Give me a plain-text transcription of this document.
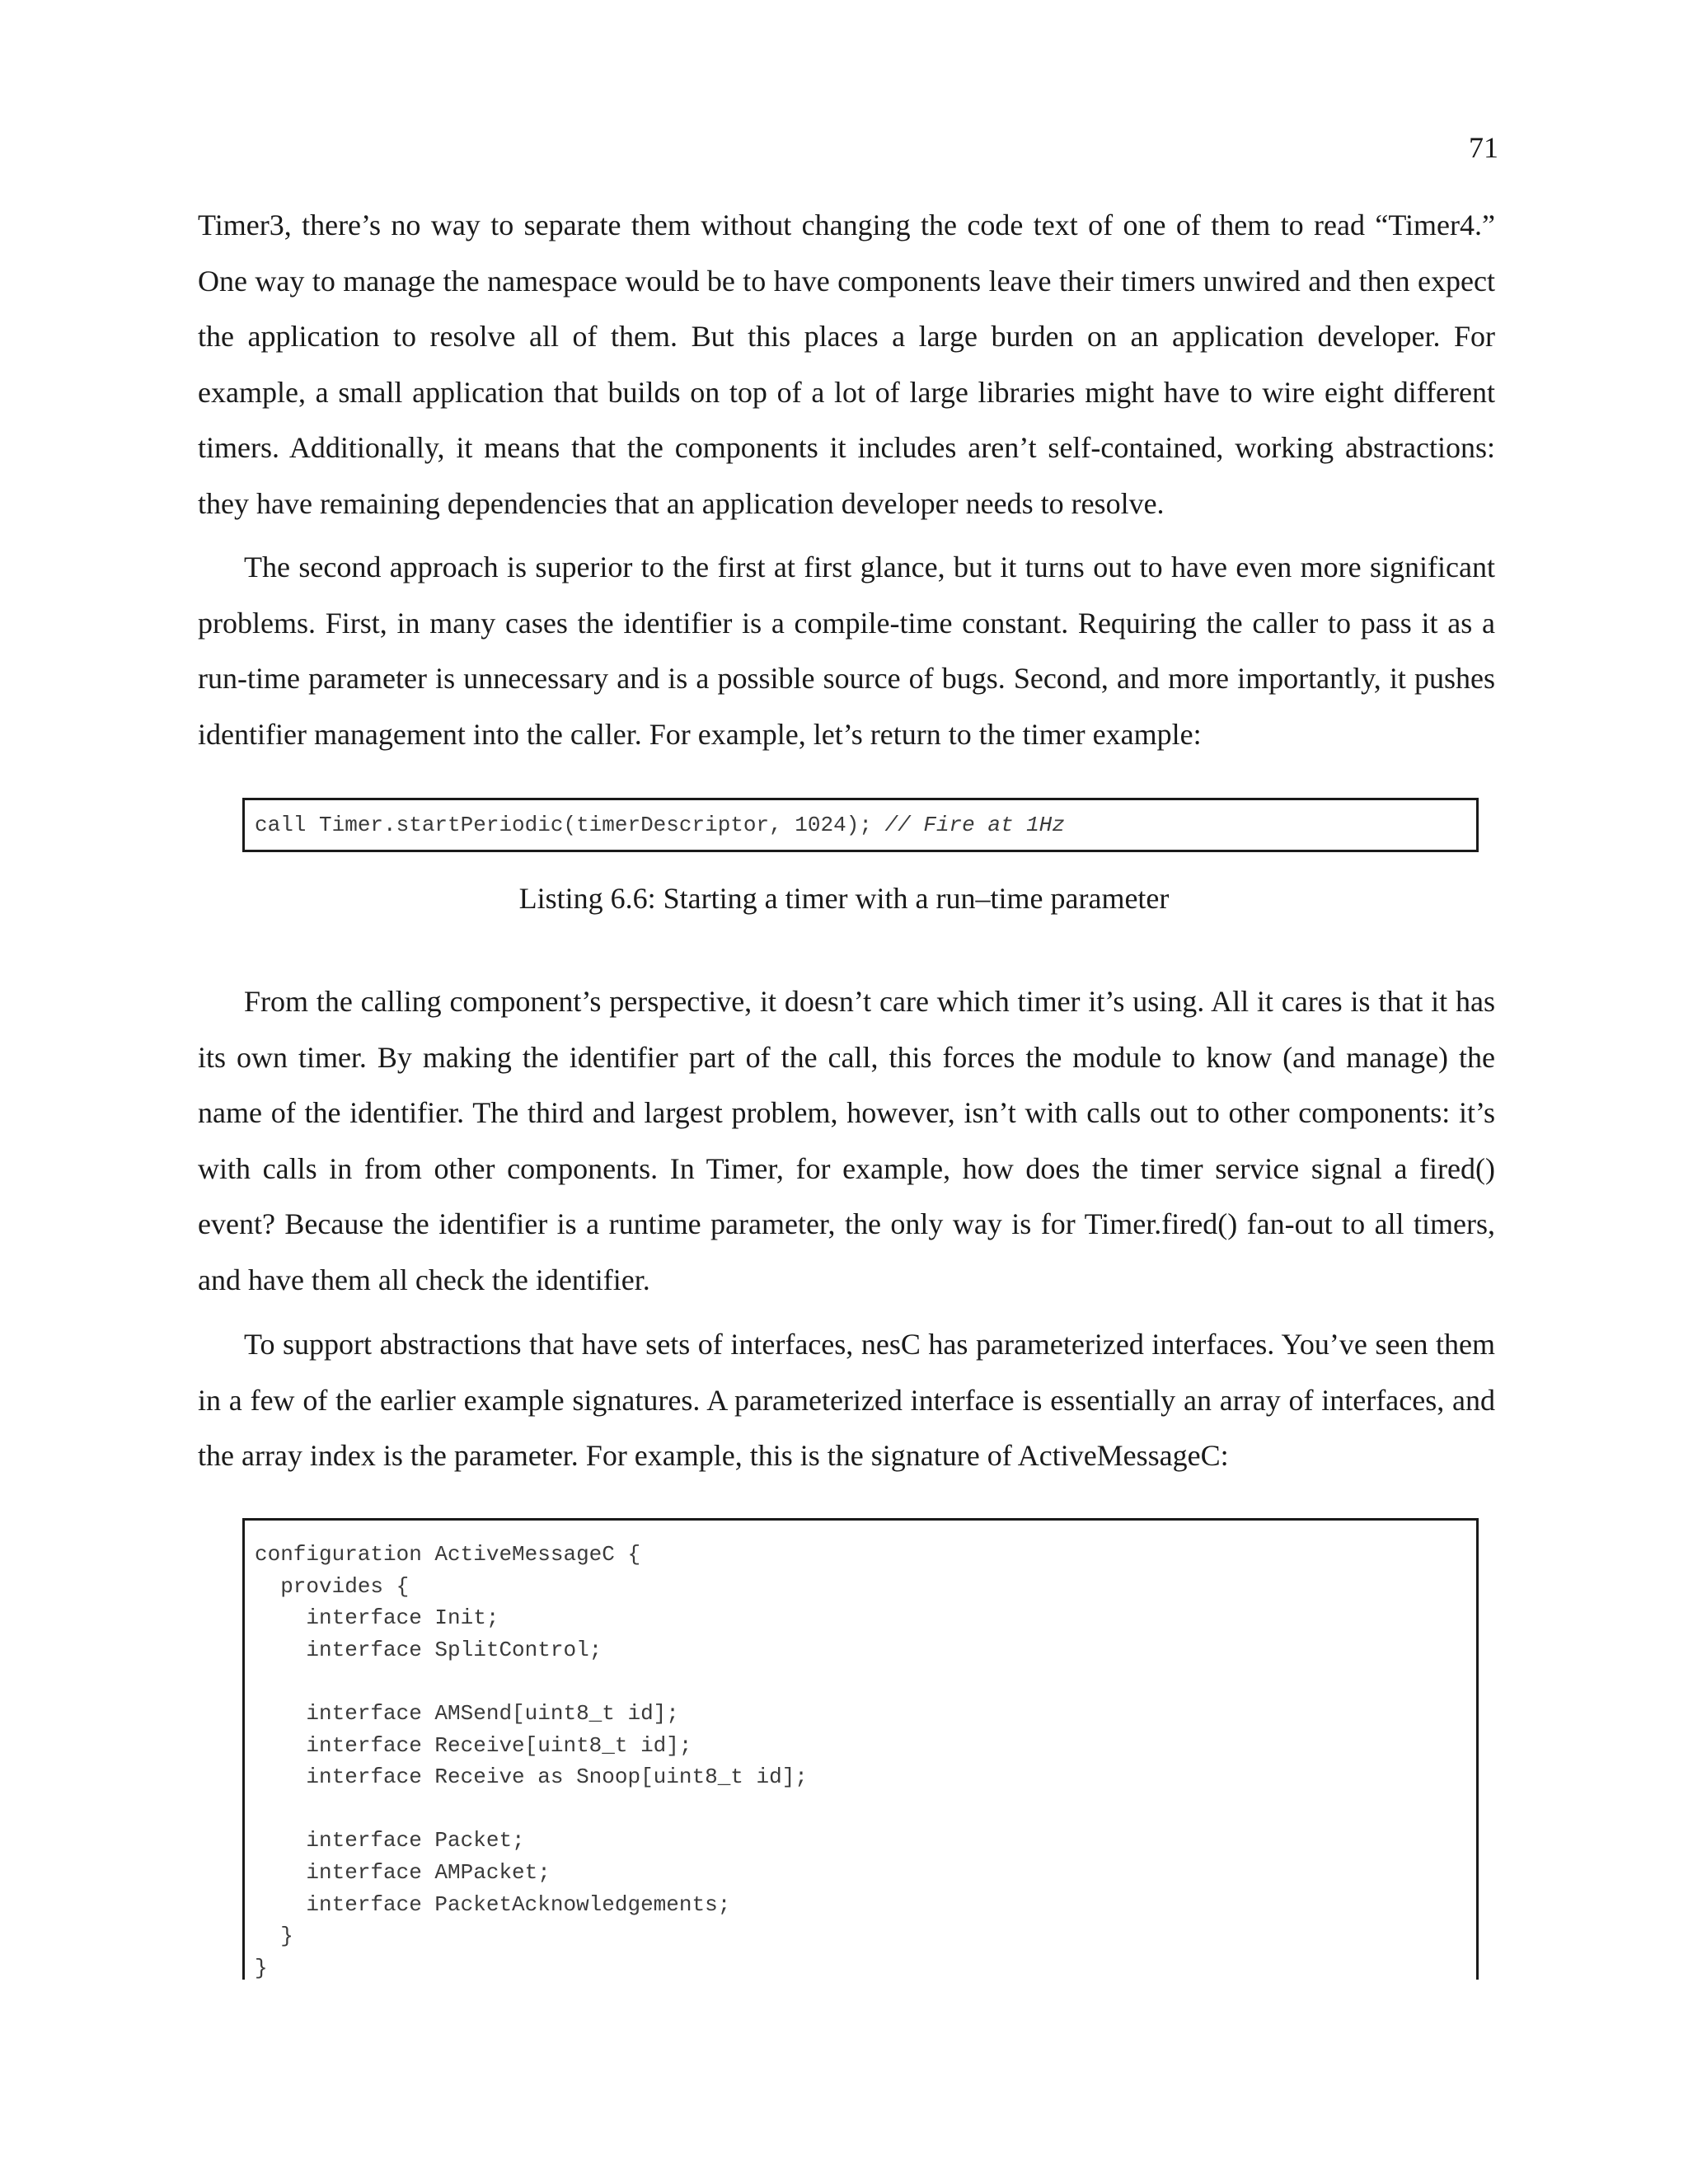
71

Timer3, there’s no way to separate them without changing the code text of one of them to read “Timer4.” One way to manage the namespace would be to have components leave their timers unwired and then expect the application to resolve all of them. But this places a large burden on an application developer. For example, a small application that builds on top of a lot of large libraries might have to wire eight different timers. Additionally, it means that the components it includes aren’t self-contained, working abstractions: they have remaining dependencies that an application developer needs to resolve.

The second approach is superior to the first at first glance, but it turns out to have even more significant problems. First, in many cases the identifier is a compile-time constant. Requiring the caller to pass it as a run-time parameter is unnecessary and is a possible source of bugs. Second, and more importantly, it pushes identifier management into the caller. For example, let’s return to the timer example:

call Timer.startPeriodic(timerDescriptor, 1024); // Fire at 1Hz
Listing 6.6: Starting a timer with a run–time parameter

From the calling component’s perspective, it doesn’t care which timer it’s using. All it cares is that it has its own timer. By making the identifier part of the call, this forces the module to know (and manage) the name of the identifier. The third and largest problem, however, isn’t with calls out to other components: it’s with calls in from other components. In Timer, for example, how does the timer service signal a fired() event? Because the identifier is a runtime parameter, the only way is for Timer.fired() fan-out to all timers, and have them all check the identifier.

To support abstractions that have sets of interfaces, nesC has parameterized interfaces. You’ve seen them in a few of the earlier example signatures. A parameterized interface is essentially an array of interfaces, and the array index is the parameter. For example, this is the signature of ActiveMessageC:

configuration ActiveMessageC {
provides {
interface Init;
interface SplitControl;

interface AMSend[uint8_t id];
interface Receive[uint8_t id];
interface Receive as Snoop[uint8_t id];

interface Packet;
interface AMPacket;
interface PacketAcknowledgements;
}
}
